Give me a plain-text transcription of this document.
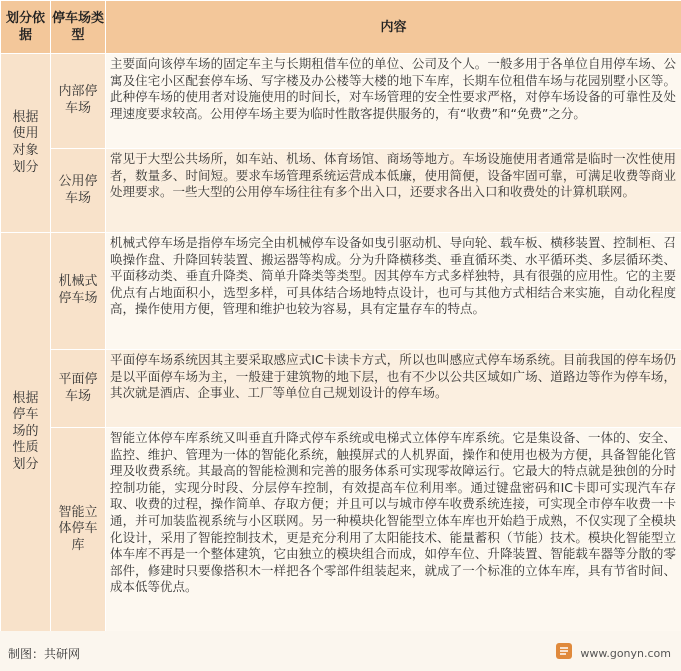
划分依据	停车场类型	内容
根据使用对象划分	内部停车场	主要面向该停车场的固定车主与长期租借车位的单位、公司及个人。一般多用于各单位自用停车场、公寓及住宅小区配套停车场、写字楼及办公楼等大楼的地下车库，长期车位租借车场与花园别墅小区等。此种停车场的使用者对设施使用的时间长，对车场管理的安全性要求严格，对停车场设备的可靠性及处理速度要求较高。公用停车场主要为临时性散客提供服务的，有“收费”和“免费”之分。
	公用停车场	常见于大型公共场所，如车站、机场、体育场馆、商场等地方。车场设施使用者通常是临时一次性使用者，数量多、时间短。要求车场管理系统运营成本低廉，使用简便，设备牢固可靠，可满足收费等商业处理要求。一些大型的公用停车场往往有多个出入口，还要求各出入口和收费处的计算机联网。
根据停车场的性质划分	机械式停车场	机械式停车场是指停车场完全由机械停车设备如曳引驱动机、导向轮、载车板、横移装置、控制柜、召唤操作盘、升降回转装置、搬运器等构成。分为升降横移类、垂直循环类、水平循环类、多层循环类、平面移动类、垂直升降类、简单升降类等类型。因其停车方式多样独特，具有很强的应用性。它的主要优点有占地面积小，选型多样，可具体结合场地特点设计，也可与其他方式相结合来实施，自动化程度高，操作使用方便，管理和维护也较为容易，具有定量存车的特点。
	平面停车场	平面停车场系统因其主要采取感应式IC卡读卡方式，所以也叫感应式停车场系统。目前我国的停车场仍是以平面停车场为主，一般建于建筑物的地下层，也有不少以公共区域如广场、道路边等作为停车场，其次就是酒店、企事业、工厂等单位自己规划设计的停车场。
	智能立体停车库	智能立体停车库系统又叫垂直升降式停车系统或电梯式立体停车库系统。它是集设备、一体的、安全、监控、维护、管理为一体的智能化系统，触摸屏式的人机界面，操作和使用也极为方便，具备智能化管理及收费系统。其最高的智能检测和完善的服务体系可实现零故障运行。它最大的特点就是独创的分时控制功能，实现分时段、分层停车控制，有效提高车位利用率。通过键盘密码和IC卡即可实现汽车存取、收费的过程，操作简单、存取方便；并且可以与城市停车收费系统连接，可实现全市停车收费一卡通，并可加装监视系统与小区联网。另一种模块化智能型立体车库也开始趋于成熟，不仅实现了全模块化设计，采用了智能控制技术，更是充分利用了太阳能技术、能量蓄积（节能）技术。模块化智能型立体车库不再是一个整体建筑，它由独立的模块组合而成，如停车位、升降装置、智能载车器等分散的零部件，修建时只要像搭积木一样把各个零部件组装起来，就成了一个标准的立体车库，具有节省时间、成本低等优点。
制图：共研网	www.gonyn.com
